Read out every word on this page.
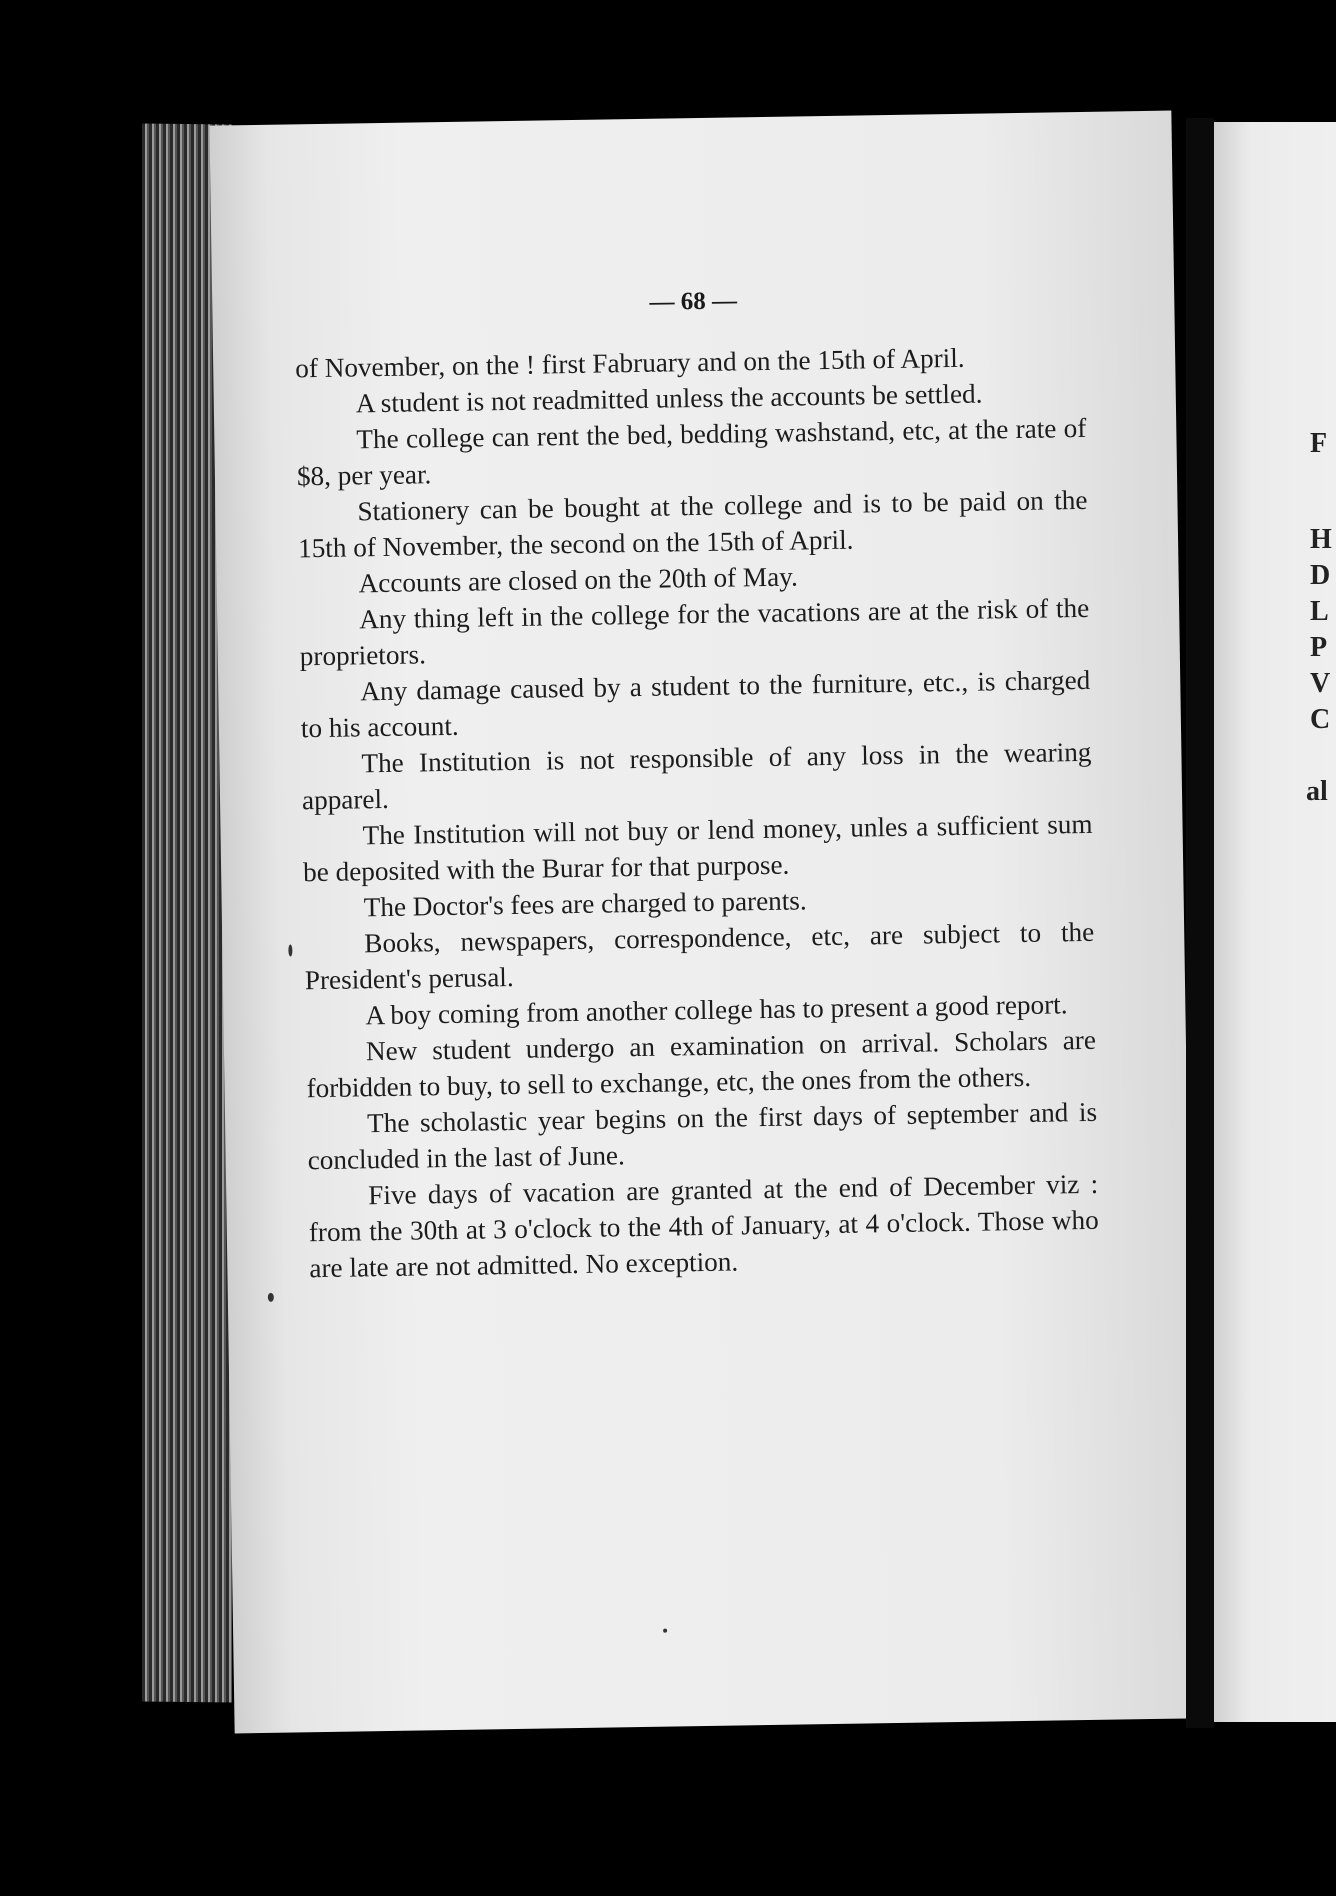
— 68 —

of November, on the ! first Fabruary and on the 15th of April.

A student is not readmitted unless the accounts be settled.

The college can rent the bed, bedding washstand, etc, at the rate of $8, per year.

Stationery can be bought at the college and is to be paid on the 15th of November, the second on the 15th of April.

Accounts are closed on the 20th of May.

Any thing left in the college for the vacations are at the risk of the proprietors.

Any damage caused by a student to the furniture, etc., is charged to his account.

The Institution is not responsible of any loss in the wearing apparel.

The Institution will not buy or lend money, unles a sufficient sum be deposited with the Burar for that purpose.

The Doctor's fees are charged to parents.

Books, newspapers, correspondence, etc, are subject to the President's perusal.

A boy coming from another college has to present a good report.

New student undergo an examination on arrival. Scholars are forbidden to buy, to sell to exchange, etc, the ones from the others.

The scholastic year begins on the first days of september and is concluded in the last of June.

Five days of vacation are granted at the end of December viz : from the 30th at 3 o'clock to the 4th of January, at 4 o'clock. Those who are late are not admitted. No exception.

F
H
D
L
P
V
C
al
